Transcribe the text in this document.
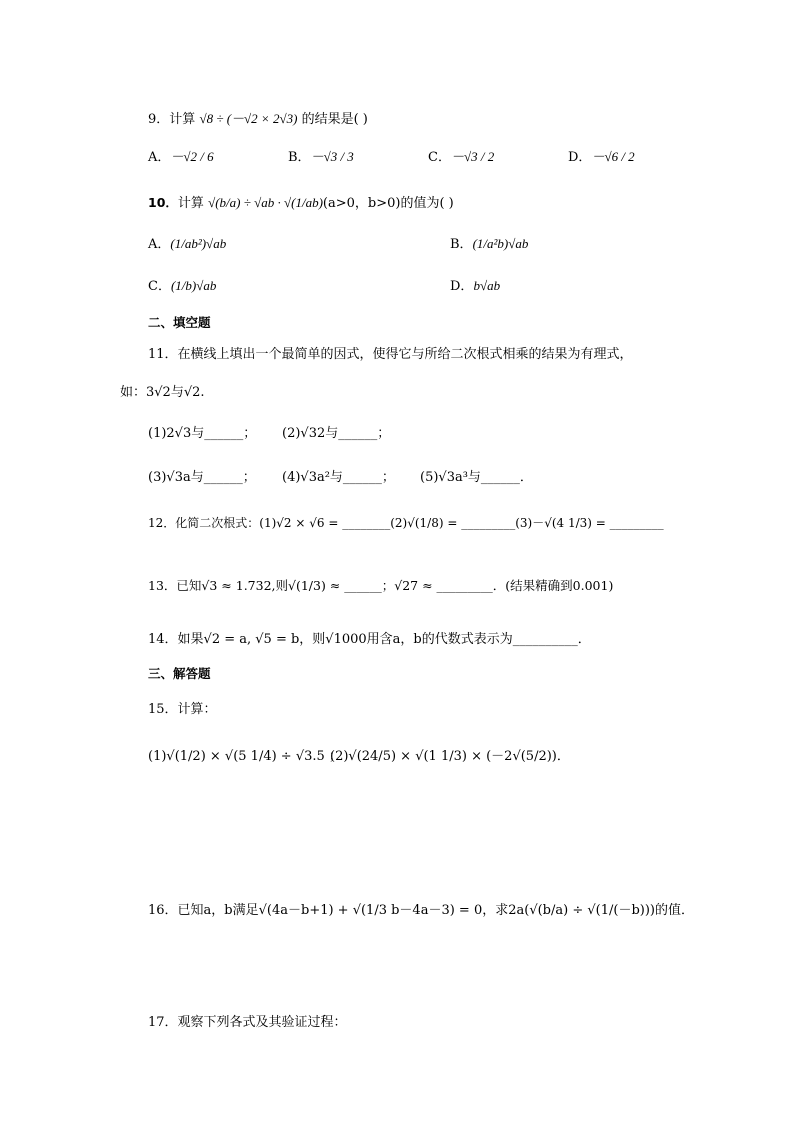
9．计算 √8 ÷ (－√2 × 2√3) 的结果是( )
A．－√2 / 6	B．－√3 / 3	C．－√3 / 2	D．－√6 / 2
10．计算 √(b/a) ÷ √ab · √(1/ab)(a>0，b>0)的值为( )
A．(1/ab²)√ab	B．(1/a²b)√ab
C．(1/b)√ab	D．b√ab
二、填空题
11．在横线上填出一个最简单的因式，使得它与所给二次根式相乘的结果为有理式，
如：3√2与√2.
(1)2√3与______； (2)√32与______；
(3)√3a与______； (4)√3a²与______； (5)√3a³与______．
12．化简二次根式：(1)√2 × √6 = ________(2)√(1/8) = _________(3)－√(4 1/3) = _________
13．已知√3 ≈ 1.732,则√(1/3) ≈ ______；√27 ≈ _________．(结果精确到0.001)
14．如果√2 = a, √5 = b，则√1000用含a，b的代数式表示为__________．
三、解答题
15．计算：
(1)√(1/2) × √(5 1/4) ÷ √3.5 ；
(2)√(24/5) × √(1 1/3) × (－2√(5/2))．
16．已知a，b满足√(4a－b+1) + √(1/3 b－4a－3) = 0，求2a(√(b/a) ÷ √(1/(－b)))的值．
17．观察下列各式及其验证过程：
